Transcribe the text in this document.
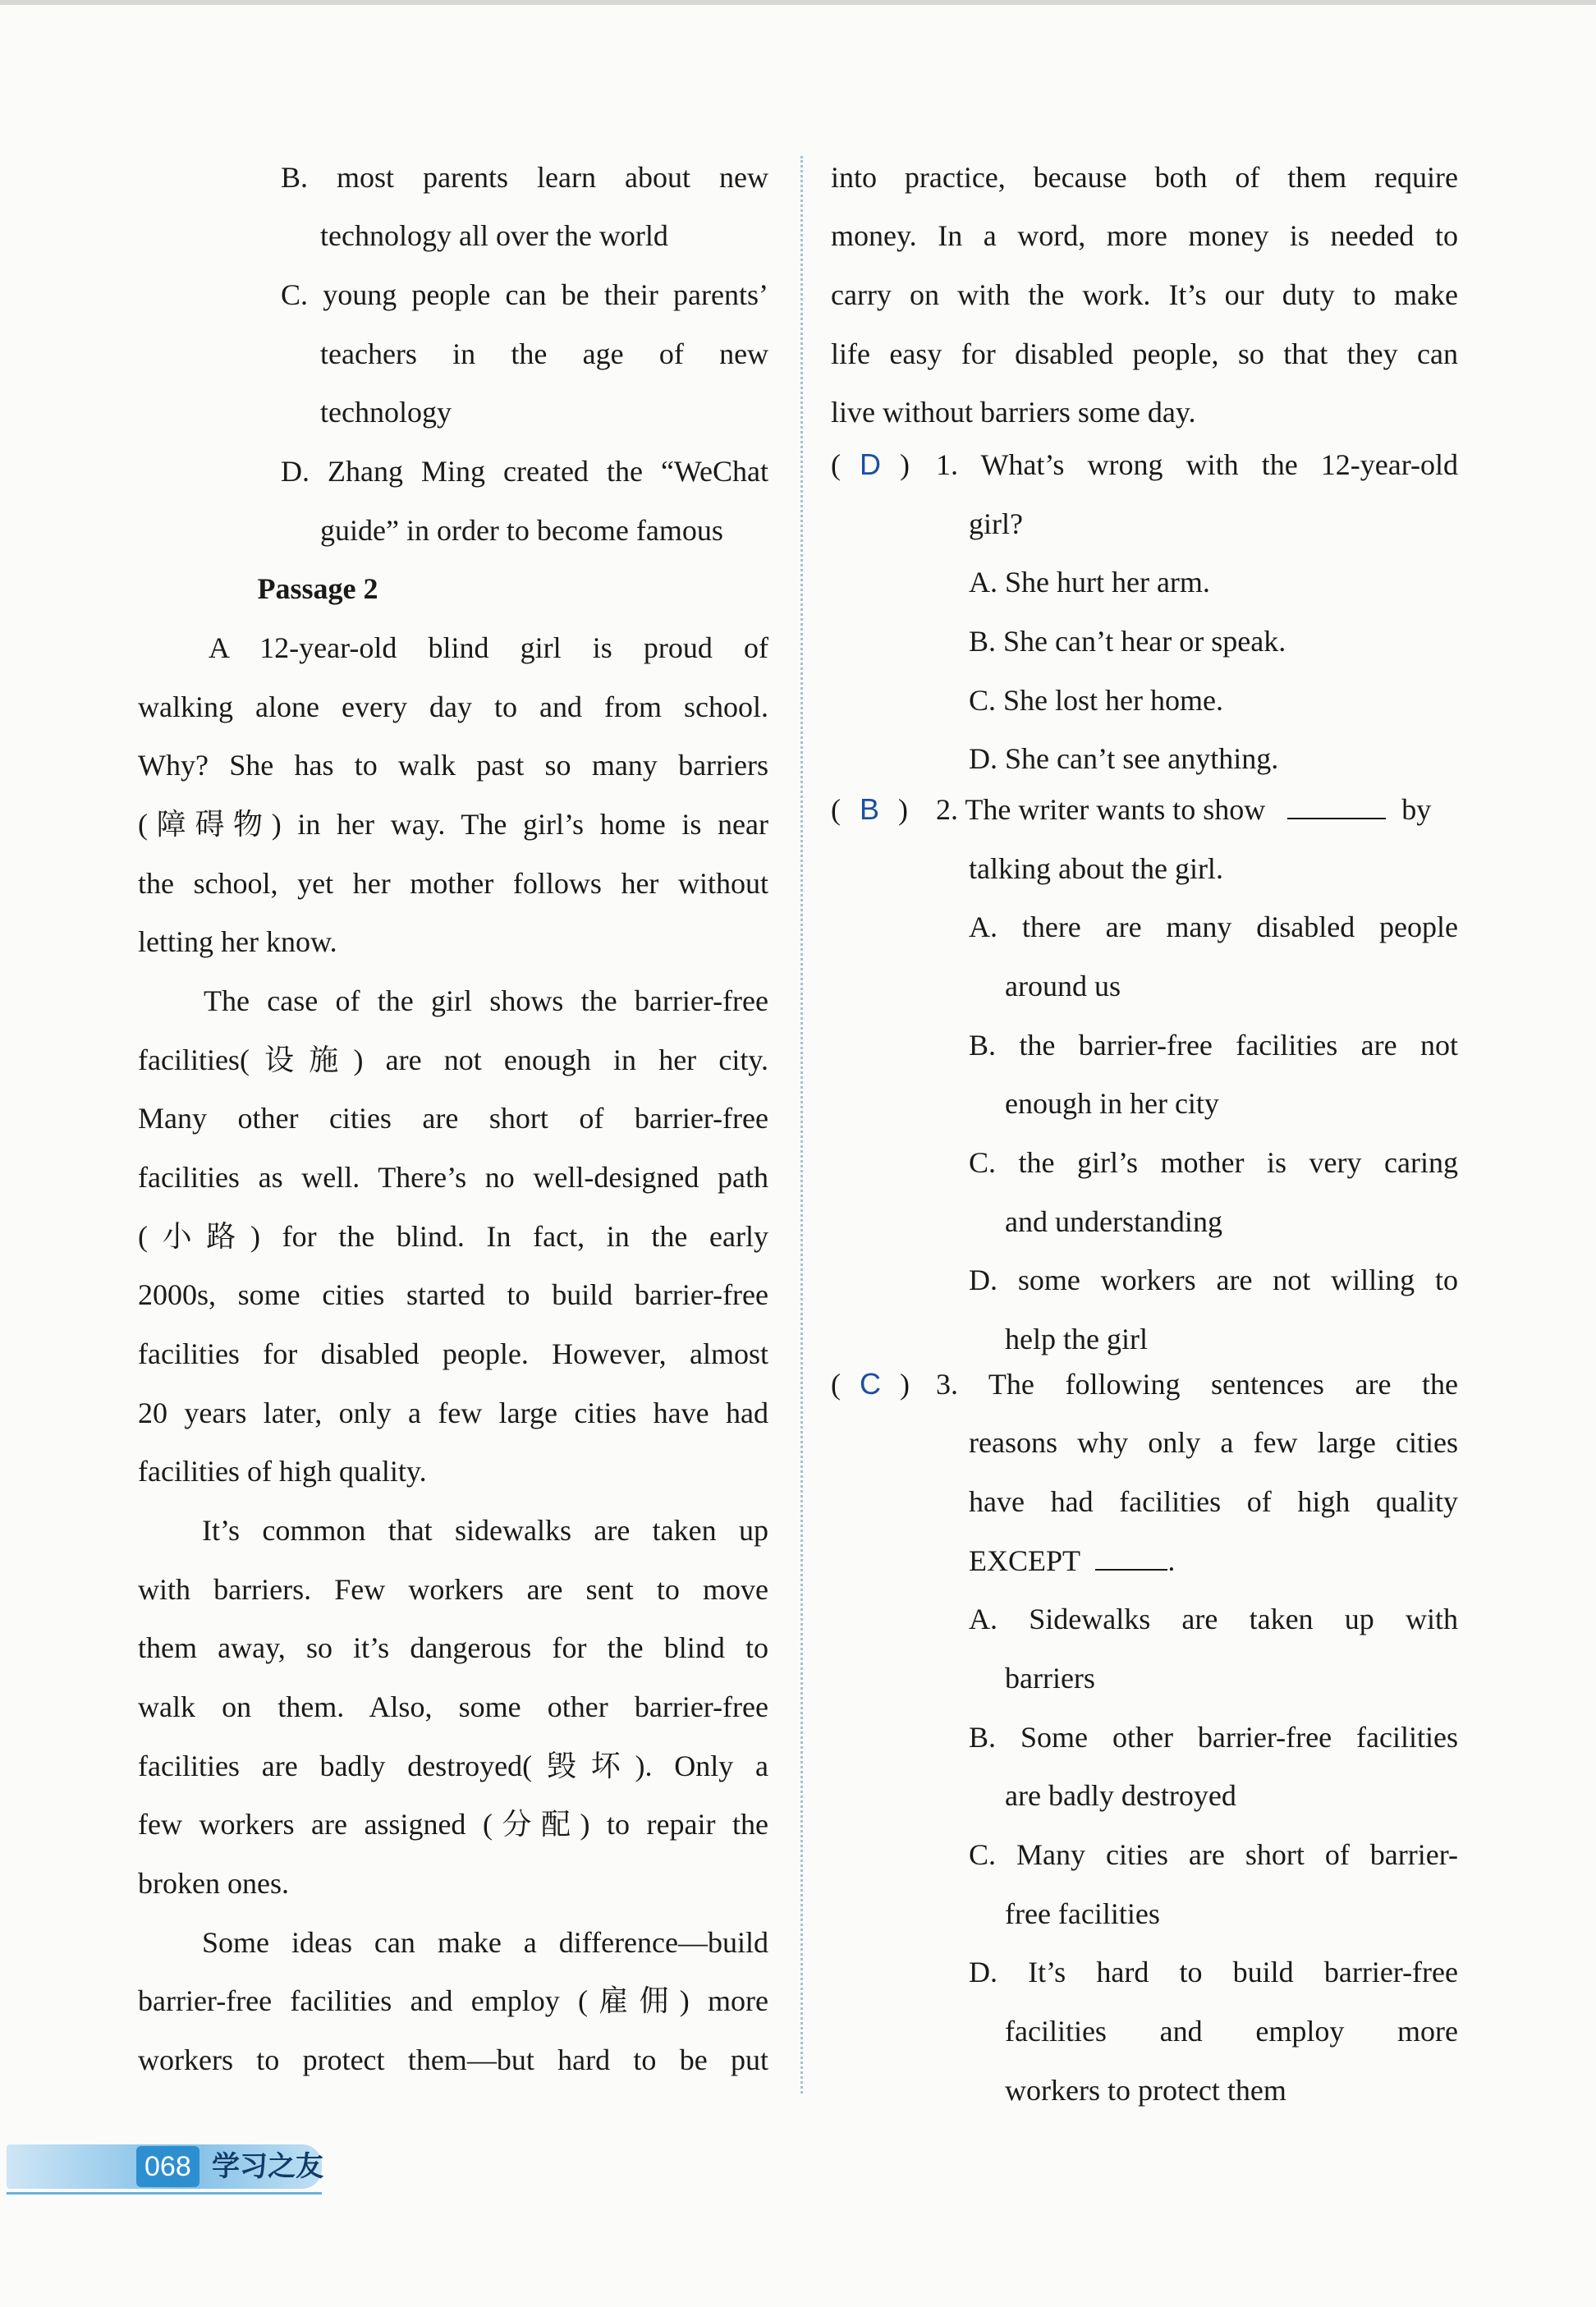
B. most parents learn about new
technology all over the world
C. young people can be their parents’
teachers in the age of new
technology
D. Zhang Ming created the “WeChat
guide” in order to become famous
Passage 2
A 12-year-old blind girl is proud of
walking alone every day to and from school.
Why? She has to walk past so many barriers
(障碍物) in her way. The girl’s home is near
the school, yet her mother follows her without
letting her know.
The case of the girl shows the barrier-free
facilities(设施) are not enough in her city.
Many other cities are short of barrier-free
facilities as well. There’s no well-designed path
(小路) for the blind. In fact, in the early
2000s, some cities started to build barrier-free
facilities for disabled people. However, almost
20 years later, only a few large cities have had
facilities of high quality.
It’s common that sidewalks are taken up
with barriers. Few workers are sent to move
them away, so it’s dangerous for the blind to
walk on them. Also, some other barrier-free
facilities are badly destroyed(毁坏). Only a
few workers are assigned (分配) to repair the
broken ones.
Some ideas can make a difference—build
barrier-free facilities and employ (雇佣) more
workers to protect them—but hard to be put
into practice, because both of them require
money. In a word, more money is needed to
carry on with the work. It’s our duty to make
life easy for disabled people, so that they can
live without barriers some day.
( D ) 1. What’s wrong with the 12-year-old
girl?
A. She hurt her arm.
B. She can’t hear or speak.
C. She lost her home.
D. She can’t see anything.
( B ) 2. The writer wants to show	by
talking about the girl.
A. there are many disabled people
around us
B. the barrier-free facilities are not
enough in her city
C. the girl’s mother is very caring
and understanding
D. some workers are not willing to
help the girl
( C ) 3. The following sentences are the
reasons why only a few large cities
have had facilities of high quality
EXCEPT	.
A. Sidewalks are taken up with
barriers
B. Some other barrier-free facilities
are badly destroyed
C. Many cities are short of barrier-
free facilities
D. It’s hard to build barrier-free
facilities and employ more
workers to protect them
068 学习之友
